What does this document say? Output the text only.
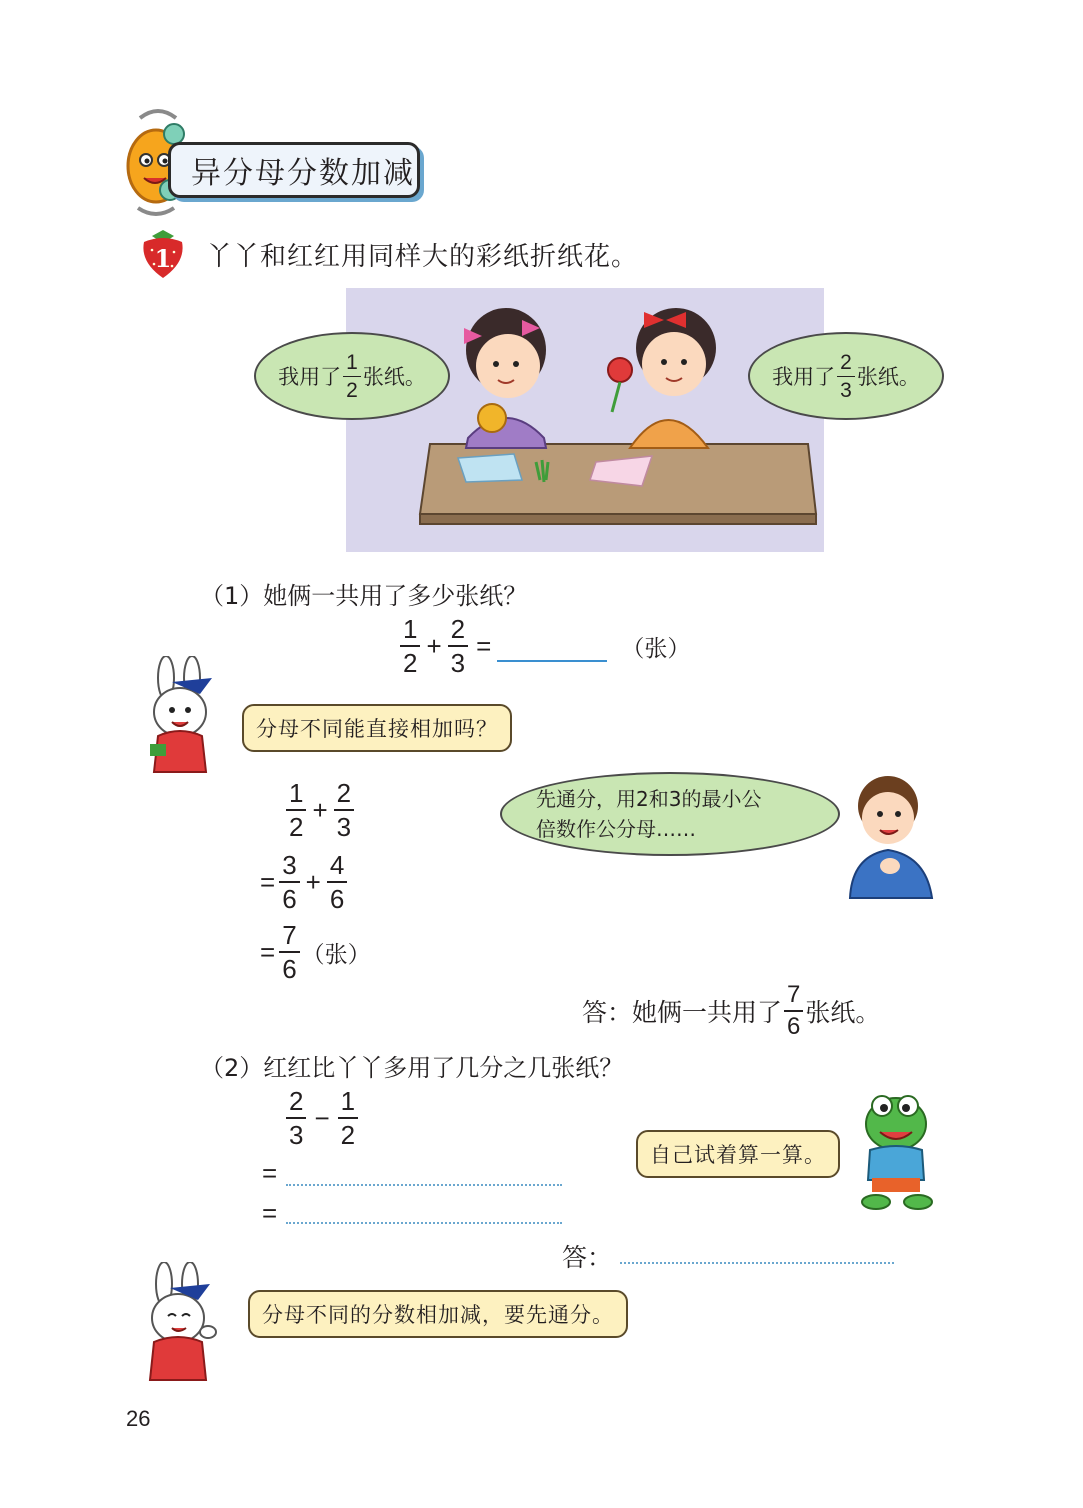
异分母分数加减
1	丫丫和红红用同样大的彩纸折纸花。
我用了 $\frac{1}{2}$ 张纸。	我用了 $\frac{2}{3}$ 张纸。
（1）她俩一共用了多少张纸？
$\frac{1}{2} + \frac{2}{3}$ =	（张）
分母不同能直接相加吗？
$\frac{1}{2} + \frac{2}{3}$
= $\frac{3}{6} + \frac{4}{6}$
= $\frac{7}{6}$ （张）
先通分，用2和3的最小公
倍数作公分母……
答：她俩一共用了 $\frac{7}{6}$ 张纸。
（2）红红比丫丫多用了几分之几张纸？
$\frac{2}{3} - \frac{1}{2}$
=
=
自己试着算一算。
答：
分母不同的分数相加减，要先通分。
26
